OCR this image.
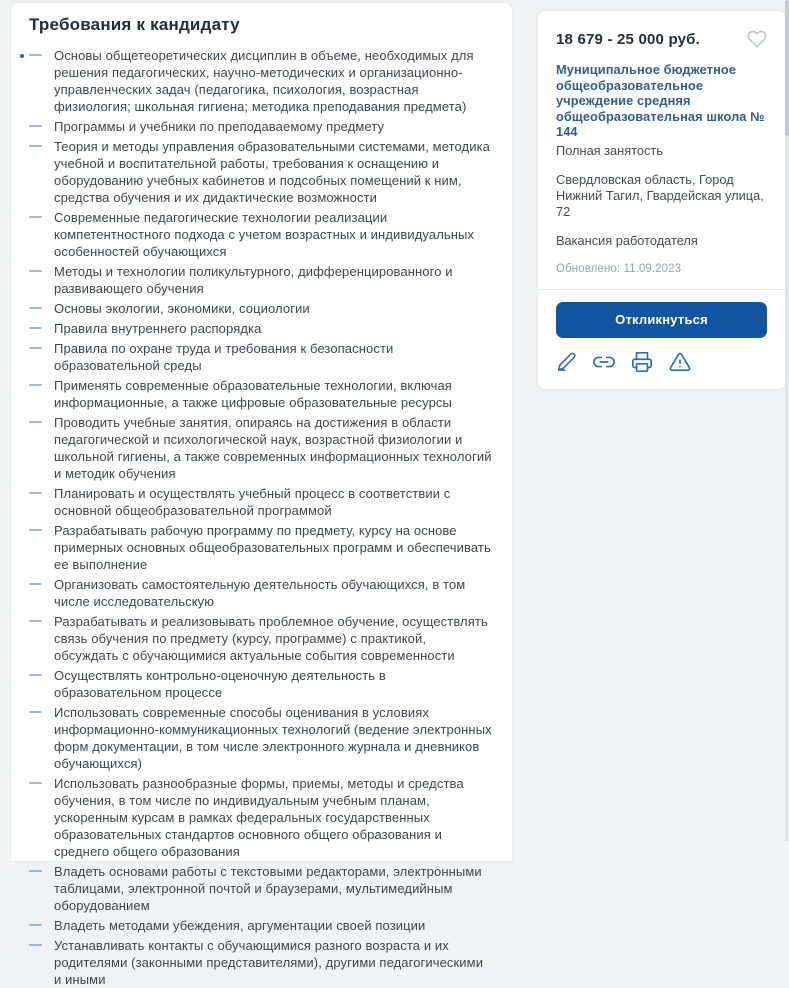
Требования к кандидату
Основы общетеоретических дисциплин в объеме, необходимых для решения педагогических, научно-методических и организационно-управленческих задач (педагогика, психология, возрастная физиология; школьная гигиена; методика преподавания предмета)
Программы и учебники по преподаваемому предмету
Теория и методы управления образовательными системами, методика учебной и воспитательной работы, требования к оснащению и оборудованию учебных кабинетов и подсобных помещений к ним, средства обучения и их дидактические возможности
Современные педагогические технологии реализации компетентностного подхода с учетом возрастных и индивидуальных особенностей обучающихся
Методы и технологии поликультурного, дифференцированного и развивающего обучения
Основы экологии, экономики, социологии
Правила внутреннего распорядка
Правила по охране труда и требования к безопасности образовательной среды
Применять современные образовательные технологии, включая информационные, а также цифровые образовательные ресурсы
Проводить учебные занятия, опираясь на достижения в области педагогической и психологической наук, возрастной физиологии и школьной гигиены, а также современных информационных технологий и методик обучения
Планировать и осуществлять учебный процесс в соответствии с основной общеобразовательной программой
Разрабатывать рабочую программу по предмету, курсу на основе примерных основных общеобразовательных программ и обеспечивать ее выполнение
Организовать самостоятельную деятельность обучающихся, в том числе исследовательскую
Разрабатывать и реализовывать проблемное обучение, осуществлять связь обучения по предмету (курсу, программе) с практикой, обсуждать с обучающимися актуальные события современности
Осуществлять контрольно-оценочную деятельность в образовательном процессе
Использовать современные способы оценивания в условиях информационно-коммуникационных технологий (ведение электронных форм документации, в том числе электронного журнала и дневников обучающихся)
Использовать разнообразные формы, приемы, методы и средства обучения, в том числе по индивидуальным учебным планам, ускоренным курсам в рамках федеральных государственных образовательных стандартов основного общего образования и среднего общего образования
Владеть основами работы с текстовыми редакторами, электронными таблицами, электронной почтой и браузерами, мультимедийным оборудованием
Владеть методами убеждения, аргументации своей позиции
Устанавливать контакты с обучающимися разного возраста и их родителями (законными представителями), другими педагогическими и иными
18 679 - 25 000 руб.
Муниципальное бюджетное общеобразовательное учреждение средняя общеобразовательная школа № 144
Полная занятость
Свердловская область, Город Нижний Тагил, Гвардейская улица, 72
Вакансия работодателя
Обновлено: 11.09.2023
Откликнуться
